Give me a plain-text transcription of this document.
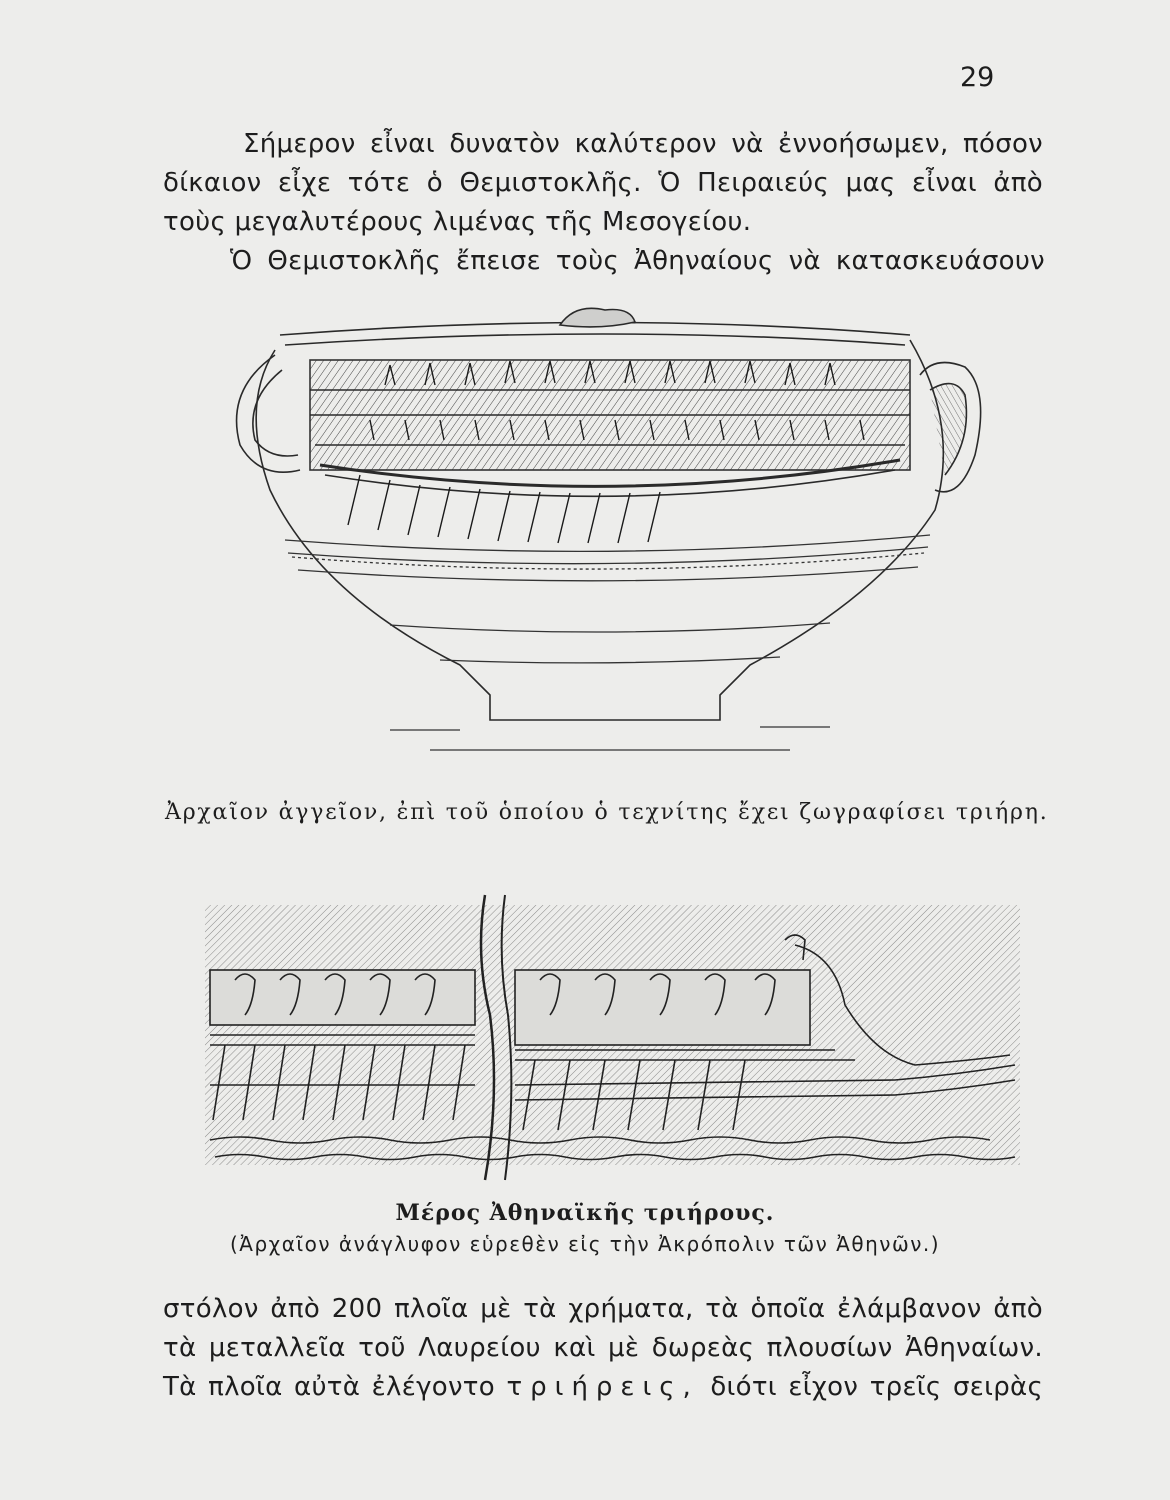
29
Σήμερον εἶναι δυνατὸν καλύτερον νὰ ἐννοήσωμεν, πόσον
δίκαιον εἶχε τότε ὁ Θεμιστοκλῆς. Ὁ Πειραιεύς μας εἶναι ἀπὸ
τοὺς μεγαλυτέρους λιμένας τῆς Μεσογείου.
Ὁ Θεμιστοκλῆς ἔπεισε τοὺς Ἀθηναίους νὰ κατασκευάσουν
Ἀρχαῖον ἀγγεῖον, ἐπὶ τοῦ ὁποίου ὁ τεχνίτης ἔχει ζωγραφίσει τριήρη.
Μέρος Ἀθηναϊκῆς τριήρους.
(Ἀρχαῖον ἀνάγλυφον εὑρεθὲν εἰς τὴν Ἀκρόπολιν τῶν Ἀθηνῶν.)
στόλον ἀπὸ 200 πλοῖα μὲ τὰ χρήματα, τὰ ὁποῖα ἐλάμβανον ἀπὸ
τὰ μεταλλεῖα τοῦ Λαυρείου καὶ μὲ δωρεὰς πλουσίων Ἀθηναίων.
Τὰ πλοῖα αὐτὰ ἐλέγοντο τριήρεις, διότι εἶχον τρεῖς σειρὰς
